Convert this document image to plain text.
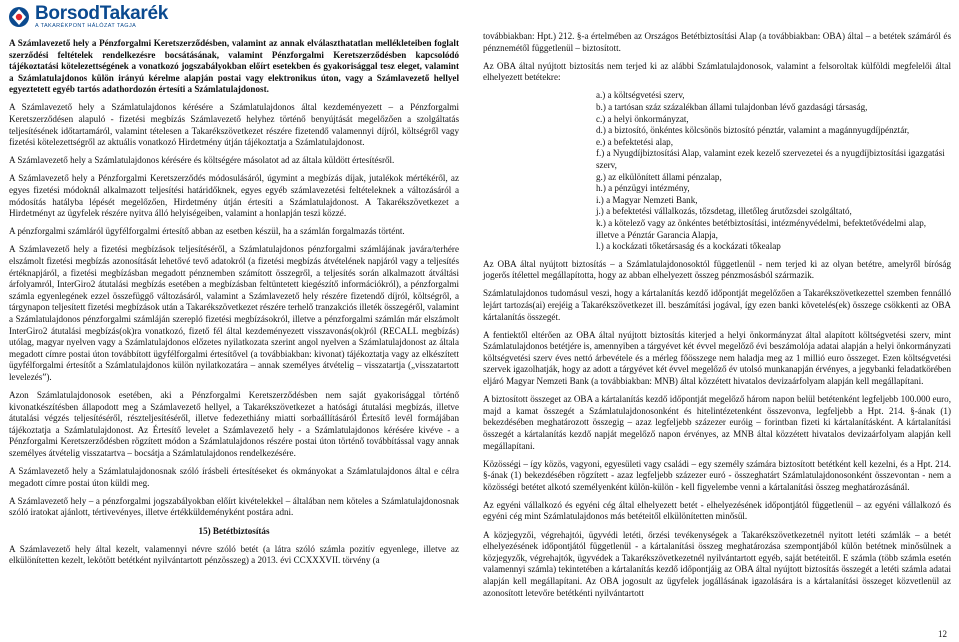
BorsodTakarék
A TAKARÉKPONT HÁLÓZAT TAGJA

A Számlavezető hely a Pénzforgalmi Keretszerződésben, valamint az annak elválaszthatatlan mellékleteiben foglalt szerződési feltételek rendelkezésre bocsátásának, valamint Pénzforgalmi Keretszerződésben kapcsolódó tájékoztatási kötelezettségének a vonatkozó jogszabályokban előírt esetekben és gyakorisággal tesz eleget, valamint a Számlatulajdonos külön irányú kérelme alapján postai vagy elektronikus úton, vagy a Számlavezető hellyel egyeztetett egyéb tartós adathordozón értesíti a Számlatulajdonost.

A Számlavezető hely a Számlatulajdonos kérésére a Számlatulajdonos által kezdeményezett – a Pénzforgalmi Keretszerződésen alapuló - fizetési megbízás Számlavezető helyhez történő benyújtását megelőzően a szolgáltatás teljesítésének időtartamáról, valamint tételesen a Takarékszövetkezet részére fizetendő valamennyi díjról, költségről vagy fizetési kötelezettségről az aktuális vonatkozó Hirdetmény útján tájékoztatja a Számlatulajdonost.

A Számlavezető hely a Számlatulajdonos kérésére és költségére másolatot ad az általa küldött értesítésről.

A Számlavezető hely a Pénzforgalmi Keretszerződés módosulásáról, úgymint a megbízás díjak, jutalékok mértékéről, az egyes fizetési módoknál alkalmazott teljesítési határidőknek, egyes egyéb számlavezetési feltételeknek a változásáról a módosítás hatályba lépését megelőzően, Hirdetmény útján értesíti a Számlatulajdonost. A Takarékszövetkezet a Hirdetményt az ügyfelek részére nyitva álló helyiségeiben, valamint a honlapján teszi közzé.

A pénzforgalmi számláról ügyfélforgalmi értesítő abban az esetben készül, ha a számlán forgalmazás történt.

A Számlavezető hely a fizetési megbízások teljesítéséről, a Számlatulajdonos pénzforgalmi számlájának javára/terhére elszámolt fizetési megbízás azonosítását lehetővé tevő adatokról (a fizetési megbízás átvételének napjáról vagy a teljesítés értéknapjáról, a fizetési megbízásban megadott pénznemben számított összegről, a teljesítés során alkalmazott átváltási árfolyamról, InterGiro2 átutalási megbízás esetében a megbízásban feltüntetett kiegészítő információkról), a pénzforgalmi számla egyenlegének ezzel összefüggő változásáról, valamint a Számlavezető hely részére fizetendő díjról, költségről, a tárgynapon teljesített fizetési megbízások után a Takarékszövetkezet részére terhelő tranzakciós illeték összegéről, valamint a Számlatulajdonos pénzforgalmi számláján szerepló fizetési megbízásokról, illetve a pénzforgalmi számlán már elszámolt InterGiro2 átutalási megbízás(ok)ra vonatkozó, fizető fél által kezdeményezett visszavonás(ok)ról (RECALL megbízás) utólag, magyar nyelven vagy a Számlatulajdonos előzetes nyilatkozata szerint angol nyelven a Számlatulajdonost az általa megadott címre postai úton továbbított ügyfélforgalmi értesítővel (a továbbiakban: kivonat) tájékoztatja vagy az elkészített ügyfélforgalmi értesítőt a Számlatulajdonos külön nyilatkozatára – annak személyes átvételig – visszatartja („visszatartott levelezés”).

Azon Számlatulajdonosok esetében, aki a Pénzforgalmi Keretszerződésben nem saját gyakorisággal történő kivonatkészítésben állapodott meg a Számlavezető hellyel, a Takarékszövetkezet a hatósági átutalási megbízás, illetve átutalási végzés teljesítéséről, részteljesítéséről, illetve fedezethiány miatti sorbaállításáról Értesítő levél formájában tájékoztatja a Számlatulajdonost. Az Értesítő levelet a Számlavezető hely - a Számlatulajdonos kérésére kivéve - a Pénzforgalmi Keretszerződésben rögzített módon a Számlatulajdonos részére postai úton történő továbbítással vagy annak személyes átvételig visszatartva – bocsátja a Számlatulajdonos rendelkezésére.

A Számlavezető hely a Számlatulajdonosnak szóló írásbeli értesítéseket és okmányokat a Számlatulajdonos által e célra megadott címre postai úton küldi meg.

A Számlavezető hely – a pénzforgalmi jogszabályokban előírt kivételekkel – általában nem köteles a Számlatulajdonosnak szóló iratokat ajánlott, tértivevényes, illetve értékküldeményként postára adni.

15) Betétbiztosítás

A Számlavezető hely által kezelt, valamennyi névre szóló betét (a látra szóló számla pozitív egyenlege, illetve az elkülönítetten kezelt, lekötött betétként nyilvántartott pénzösszeg) a 2013. évi CCXXXVII. törvény (a

továbbiakban: Hpt.) 212. §-a értelmében az Országos Betétbiztosítási Alap (a továbbiakban: OBA) által – a betétek számáról és pénznemétől függetlenül – biztosított.

Az OBA által nyújtott biztosítás nem terjed ki az alábbi Számlatulajdonosok, valamint a felsoroltak külföldi megfelelői által elhelyezett betétekre:

a.) a költségvetési szerv,
b.) a tartósan száz százalékban állami tulajdonban lévő gazdasági társaság,
c.) a helyi önkormányzat,
d.) a biztosító, önkéntes kölcsönös biztosító pénztár, valamint a magánnyugdíjpénztár,
e.) a befektetési alap,
f.) a Nyugdíjbiztosítási Alap, valamint ezek kezelő szervezetei és a nyugdíjbiztosítási igazgatási szerv,
g.) az elkülönített állami pénzalap,
h.) a pénzügyi intézmény,
i.) a Magyar Nemzeti Bank,
j.) a befektetési vállalkozás, tőzsdetag, illetőleg árutőzsdei szolgáltató,
k.) a kötelező vagy az önkéntes betétbiztosítási, intézményvédelmi, befektetővédelmi alap, illetve a Pénztár Garancia Alapja,
l.) a kockázati tőketársaság és a kockázati tőkealap

Az OBA által nyújtott biztosítás – a Számlatulajdonosoktól függetlenül - nem terjed ki az olyan betétre, amelyről bíróság jogerős ítélettel megállapította, hogy az abban elhelyezett összeg pénzmosásból származik.

Számlatulajdonos tudomásul veszi, hogy a kártalanítás kezdő időpontját megelőzően a Takarékszövetkezettel szemben fennálló lejárt tartozás(ai) erejéig a Takarékszövetkezet ill. beszámítási jogával, így ezen banki követelés(ek) összege csökkenti az OBA kártalanítás összegét.

A fentiektől eltérően az OBA által nyújtott biztosítás kiterjed a helyi önkormányzat által alapított költségvetési szerv, mint Számlatulajdonos betétjére is, amennyiben a tárgyévet két évvel megelőző évi beszámolója adatai alapján a helyi önkormányzati költségvetési szerv éves nettó árbevétele és a mérleg főösszege nem haladja meg az 1 millió euro összeget. Ezen költségvetési szervek igazolhatják, hogy az adott a tárgyévet két évvel megelőző év utolsó munkanapján érvényes, a jegybanki feladatkörében eljáró Magyar Nemzeti Bank (a továbbiakban: MNB) által közzétett hivatalos devizaárfolyam alapján kell megállapítani.

A biztosított összeget az OBA a kártalanítás kezdő időpontját megelőző három napon belül betétenként legfeljebb 100.000 euro, majd a kamat összegét a Számlatulajdonosonként és hitelintézetenként összevonva, legfeljebb a Hpt. 214. §-ának (1) bekezdésében meghatározott összegig – azaz legfeljebb százezer euróig – forintban fizeti ki kártalanításként. A kártalanítási összegét a kártalanítás kezdő napját megelőző napon érvényes, az MNB által közzétett hivatalos devizaárfolyam alapján kell megállapítani.

Közösségi – így közös, vagyoni, egyesületi vagy családi – egy személy számára biztosított betétként kell kezelni, és a Hpt. 214. §-ának (1) bekezdésében rögzített - azaz legfeljebb százezer euró - összeghatárt Számlatulajdonosonként összevontan - nem a közösségi betétet alkotó személyenként külön-külön - kell figyelembe venni a kártalanítási összeg meghatározásánál.

Az egyéni vállalkozó és egyéni cég által elhelyezett betét - elhelyezésének időpontjától függetlenül – az egyéni vállalkozó és egyéni cég mint Számlatulajdonos más betéteitől elkülönítetten minősül.

A közjegyzői, végrehajtói, ügyvédi letéti, őrzési tevékenységek a Takarékszövetkezetnél nyitott letéti számlák – a betét elhelyezésének időpontjától függetlenül - a kártalanítási összeg meghatározása szempontjából külön betétnek minősülnek a közjegyzők, végrehajtók, ügyvédek a Takarékszövetkezetnél nyilvántartott egyéb, saját betéteitől. E számla (több számla esetén valamennyi számla) tekintetében a kártalanítás kezdő időpontjáig az OBA által nyújtott biztosítás összegét a letéti számla adatai alapján kell megállapítani. Az OBA jogosult az ügyfelek jogállásának igazolására is a kártalanítási összeget közvetlenül az azonosított letevőre betétkénti nyilvántartott

12
